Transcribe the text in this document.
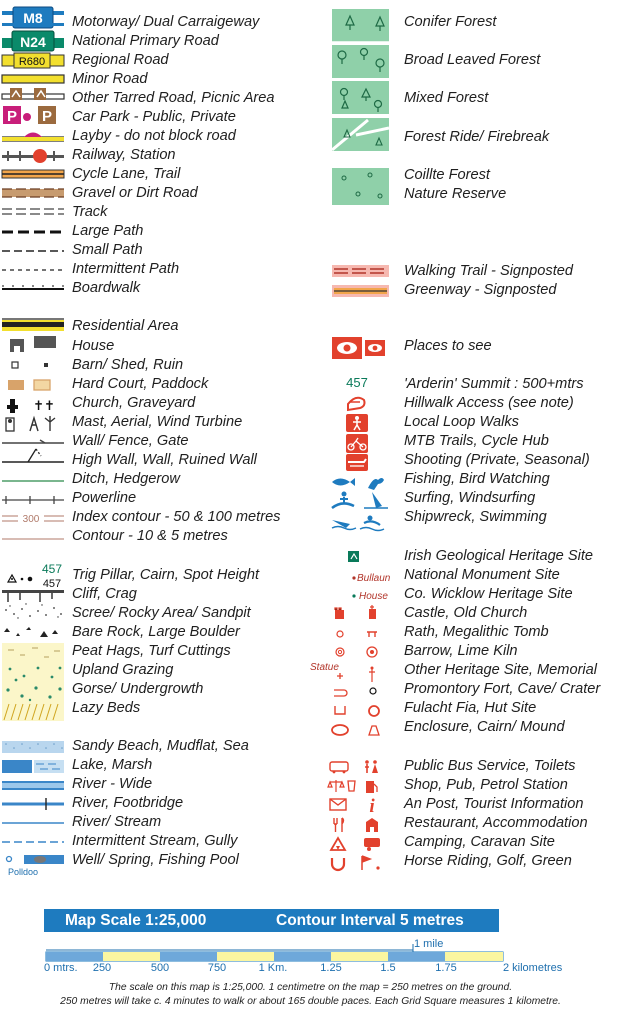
Motorway/ Dual Carraigeway
National Primary Road
Regional Road
Minor Road
Other Tarred Road, Picnic Area
Car Park - Public, Private
Layby - do not block road
Railway, Station
Cycle Lane, Trail
Gravel or Dirt Road
Track
Large Path
Small Path
Intermittent Path
Boardwalk
Residential Area
House
Barn/ Shed, Ruin
Hard Court, Paddock
Church, Graveyard
Mast, Aerial, Wind Turbine
Wall/ Fence, Gate
High Wall, Wall, Ruined Wall
Ditch, Hedgerow
Powerline
Index contour - 50 & 100 metres
Contour - 10 & 5 metres
Trig Pillar, Cairn, Spot Height
Cliff, Crag
Scree/ Rocky Area/ Sandpit
Bare Rock, Large Boulder
Peat Hags, Turf Cuttings
Upland Grazing
Gorse/ Undergrowth
Lazy Beds
Sandy Beach, Mudflat, Sea
Lake, Marsh
River - Wide
River, Footbridge
River/ Stream
Intermittent Stream, Gully
Well/ Spring, Fishing Pool
Conifer Forest
Broad Leaved Forest
Mixed Forest
Forest Ride/ Firebreak
Coillte Forest
Nature Reserve
Walking Trail - Signposted
Greenway - Signposted
Places to see
'Arderin' Summit : 500+mtrs
Hillwalk Access (see note)
Local Loop Walks
MTB Trails, Cycle Hub
Shooting (Private, Seasonal)
Fishing, Bird Watching
Surfing, Windsurfing
Shipwreck, Swimming
Irish Geological Heritage Site
National Monument Site
Co. Wicklow Heritage Site
Castle, Old Church
Rath, Megalithic Tomb
Barrow, Lime Kiln
Other Heritage Site, Memorial
Promontory Fort, Cave/ Crater
Fulacht Fia, Hut Site
Enclosure, Cairn/ Mound
Public Bus Service, Toilets
Shop, Pub, Petrol Station
An Post, Tourist Information
Restaurant, Accommodation
Camping, Caravan Site
Horse Riding, Golf, Green
M8
N24
R680
P P
✝✝
300
457
457
Polldoo
457
Bullaun
House
Statue
i
Map Scale 1:25,000	Contour Interval 5 metres
1 mile
0 mtrs. 250	500	750	1 Km.	1.25	1.5	1.75	2 kilometres
The scale on this map is 1:25,000. 1 centimetre on the map = 250 metres on the ground.
250 metres will take c. 4 minutes to walk or about 165 double paces. Each Grid Square measures 1 kilometre.
